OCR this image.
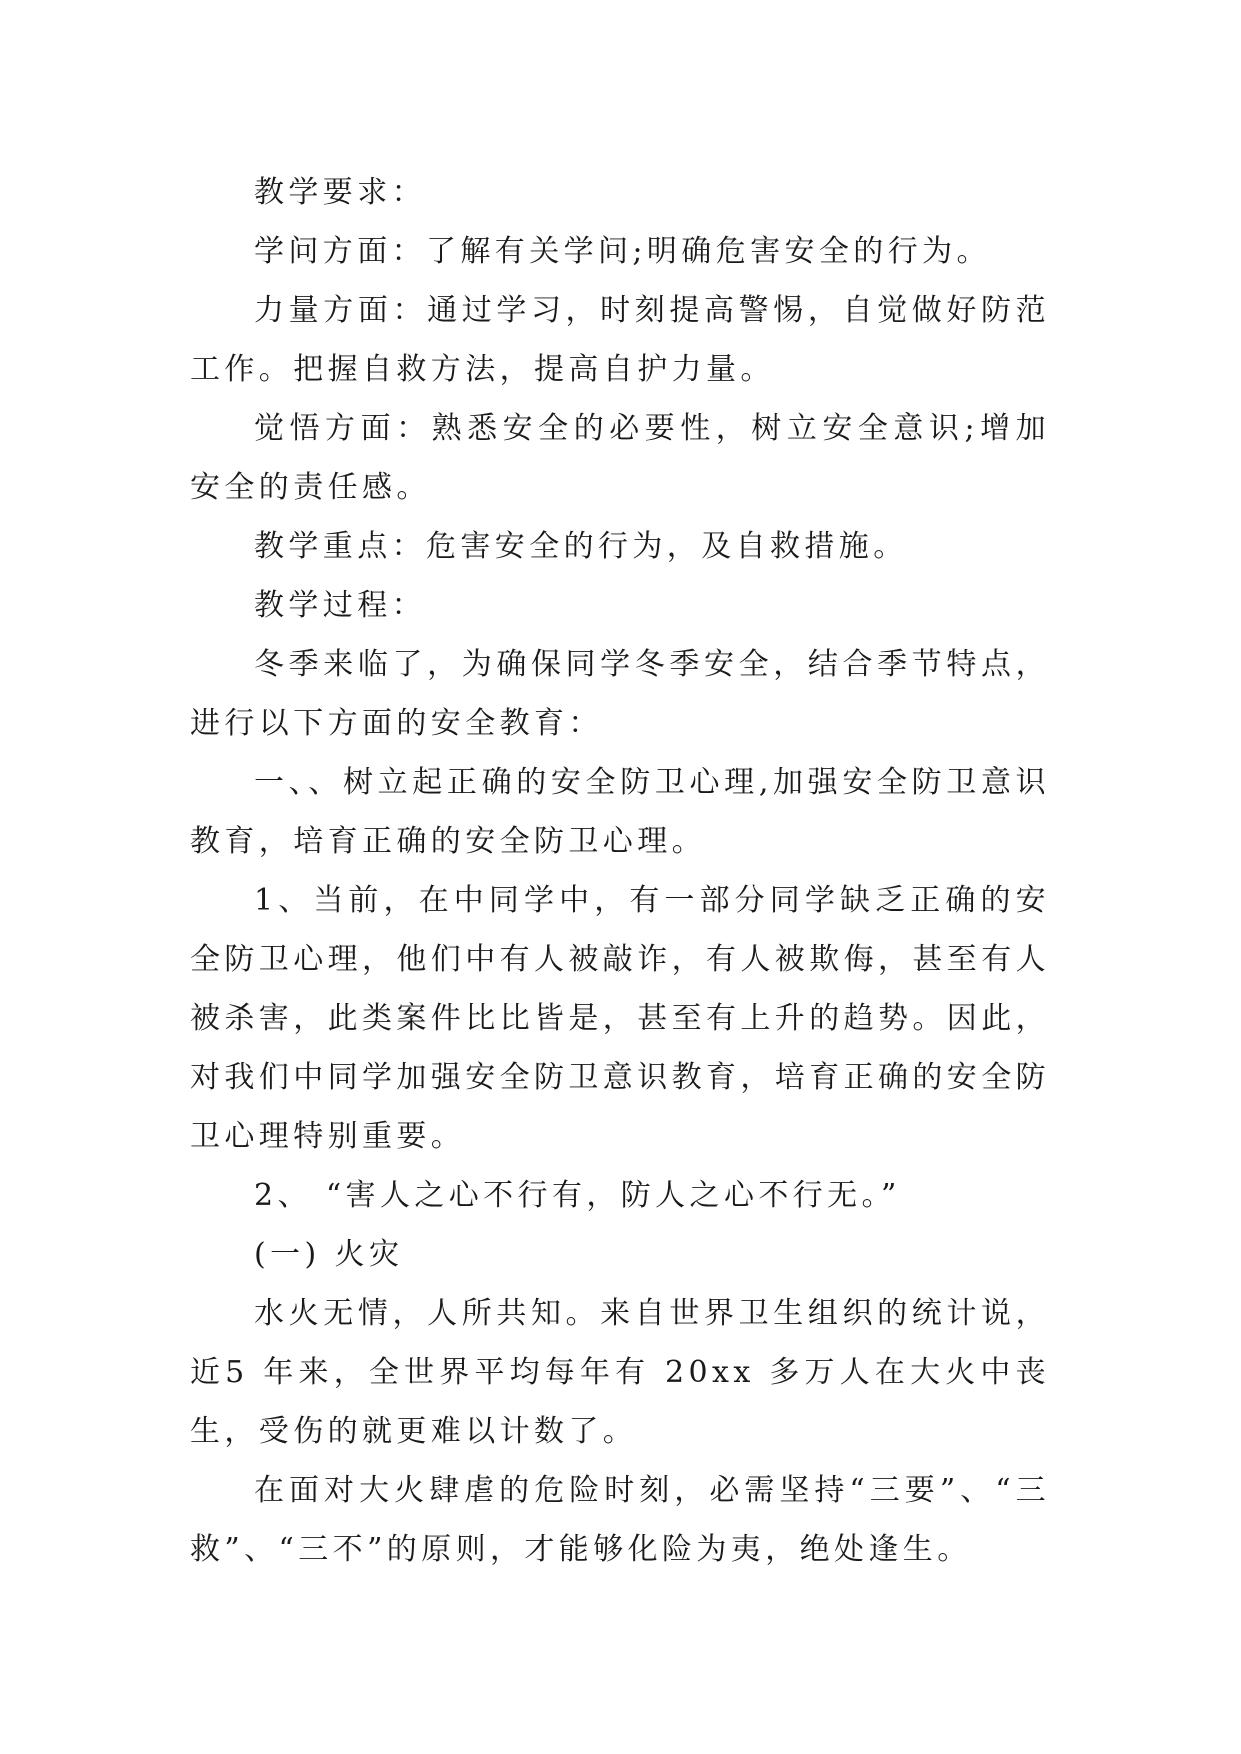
教学要求：

学问方面：了解有关学问;明确危害安全的行为。

力量方面：通过学习，时刻提高警惕，自觉做好防范工作。把握自救方法，提高自护力量。

觉悟方面：熟悉安全的必要性，树立安全意识;增加安全的责任感。

教学重点：危害安全的行为，及自救措施。

教学过程：

冬季来临了，为确保同学冬季安全，结合季节特点，进行以下方面的安全教育：

一、、树立起正确的安全防卫心理,加强安全防卫意识教育，培育正确的安全防卫心理。

1、当前，在中同学中，有一部分同学缺乏正确的安全防卫心理，他们中有人被敲诈，有人被欺侮，甚至有人被杀害，此类案件比比皆是，甚至有上升的趋势。因此，对我们中同学加强安全防卫意识教育，培育正确的安全防卫心理特别重要。

2、 “害人之心不行有，防人之心不行无。”

(一) 火灾

水火无情，人所共知。来自世界卫生组织的统计说，近5 年来，全世界平均每年有 20xx 多万人在大火中丧生，受伤的就更难以计数了。

在面对大火肆虐的危险时刻，必需坚持“三要”、“三救”、“三不”的原则，才能够化险为夷，绝处逢生。
